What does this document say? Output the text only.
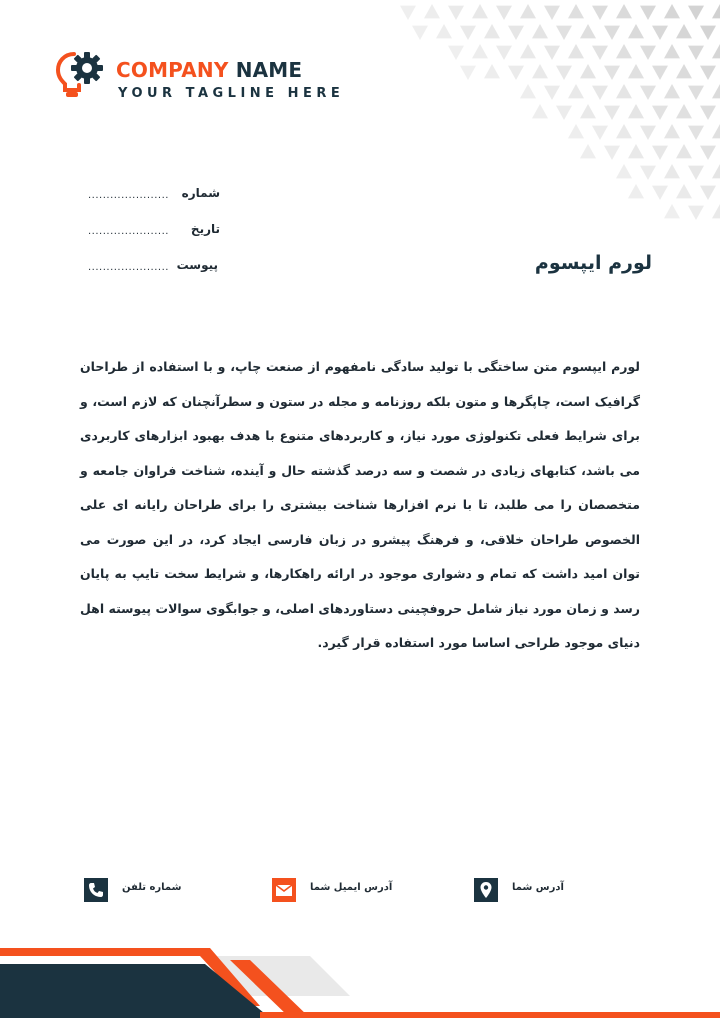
COMPANY NAME
YOUR TAGLINE HERE
...................... شماره
...................... تاریخ
...................... پیوست	لورم ایپسوم
لورم ایپسوم متن ساختگی با تولید سادگی نامفهوم از صنعت چاپ، و با استفاده از طراحان گرافیک است، چاپگرها و متون بلکه روزنامه و مجله در ستون و سطرآنچنان که لازم است، و برای شرایط فعلی تکنولوژی مورد نیاز، و کاربردهای متنوع با هدف بهبود ابزارهای کاربردی می باشد، کتابهای زیادی در شصت و سه درصد گذشته حال و آینده، شناخت فراوان جامعه و متخصصان را می طلبد، تا با نرم افزارها شناخت بیشتری را برای طراحان رایانه ای علی الخصوص طراحان خلاقی، و فرهنگ پیشرو در زبان فارسی ایجاد کرد، در این صورت می توان امید داشت که تمام و دشواری موجود در ارائه راهکارها، و شرایط سخت تایپ به پایان رسد و زمان مورد نیاز شامل حروفچینی دستاوردهای اصلی، و جوابگوی سوالات پیوسته اهل دنیای موجود طراحی اساسا مورد استفاده قرار گیرد.
شماره تلفن	آدرس ایمیل شما	آدرس شما
